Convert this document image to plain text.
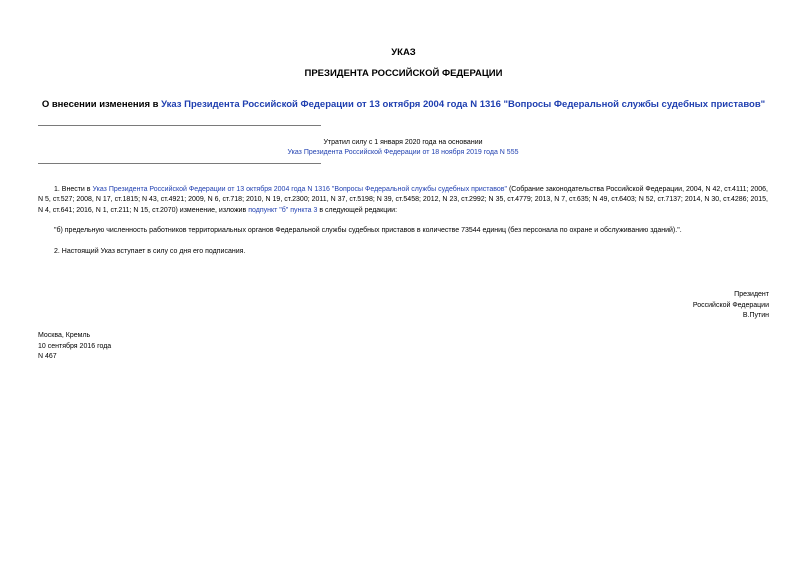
УКАЗ
ПРЕЗИДЕНТА РОССИЙСКОЙ ФЕДЕРАЦИИ
О внесении изменения в Указ Президента Российской Федерации от 13 октября 2004 года N 1316 "Вопросы Федеральной службы судебных приставов"
Утратил силу с 1 января 2020 года на основании
Указ Президента Российской Федерации от 18 ноября 2019 года N 555
1. Внести в Указ Президента Российской Федерации от 13 октября 2004 года N 1316 "Вопросы Федеральной службы судебных приставов" (Собрание законодательства Российской Федерации, 2004, N 42, ст.4111; 2006, N 5, ст.527; 2008, N 17, ст.1815; N 43, ст.4921; 2009, N 6, ст.718; 2010, N 19, ст.2300; 2011, N 37, ст.5198; N 39, ст.5458; 2012, N 23, ст.2992; N 35, ст.4779; 2013, N 7, ст.635; N 49, ст.6403; N 52, ст.7137; 2014, N 30, ст.4286; 2015, N 4, ст.641; 2016, N 1, ст.211; N 15, ст.2070) изменение, изложив подпункт "б" пункта 3 в следующей редакции:
"б) предельную численность работников территориальных органов Федеральной службы судебных приставов в количестве 73544 единиц (без персонала по охране и обслуживанию зданий).".
2. Настоящий Указ вступает в силу со дня его подписания.
Президент
Российской Федерации
В.Путин
Москва, Кремль
10 сентября 2016 года
N 467
